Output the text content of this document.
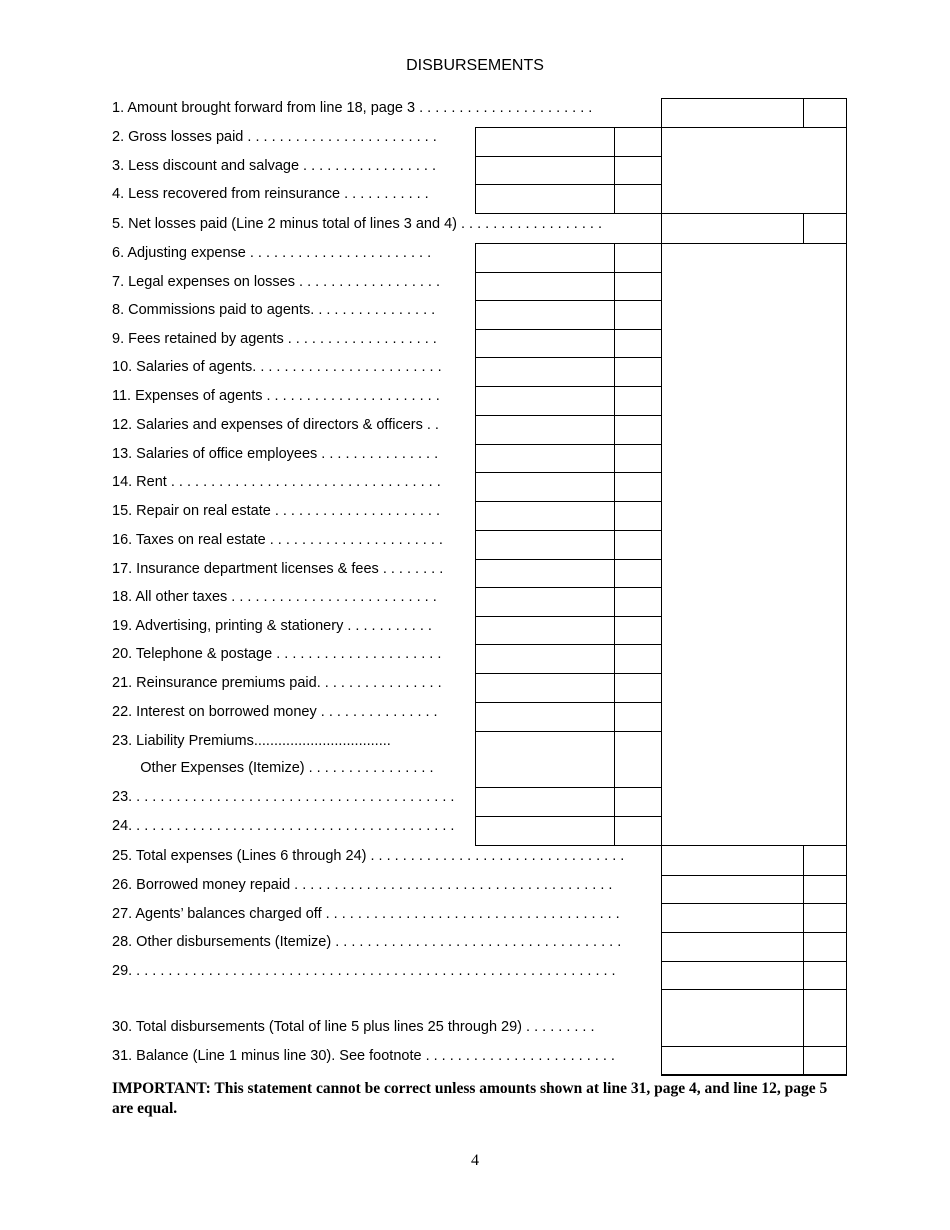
DISBURSEMENTS
1. Amount brought forward from line 18, page 3 . . . . . . . . . . . . . . . . . . . . . .
2. Gross losses paid . . . . . . . . . . . . . . . . . . . . . . . .
3. Less discount and salvage . . . . . . . . . . . . . . . . .
4. Less recovered from reinsurance . . . . . . . . . . .
5. Net losses paid (Line 2 minus total of lines 3 and 4) . . . . . . . . . . . . . . . . . .
6. Adjusting expense . . . . . . . . . . . . . . . . . . . . . . .
7. Legal expenses on losses . . . . . . . . . . . . . . . . . .
8. Commissions paid to agents. . . . . . . . . . . . . . . .
9. Fees retained by agents . . . . . . . . . . . . . . . . . . .
10. Salaries of agents. . . . . . . . . . . . . . . . . . . . . . . .
11. Expenses of agents . . . . . . . . . . . . . . . . . . . . . .
12. Salaries and expenses of directors & officers . .
13. Salaries of office employees . . . . . . . . . . . . . . .
14. Rent . . . . . . . . . . . . . . . . . . . . . . . . . . . . . . . . . .
15. Repair on real estate . . . . . . . . . . . . . . . . . . . . .
16. Taxes on real estate . . . . . . . . . . . . . . . . . . . . . .
17. Insurance department licenses & fees . . . . . . . .
18. All other taxes . . . . . . . . . . . . . . . . . . . . . . . . . .
19. Advertising, printing & stationery . . . . . . . . . . .
20. Telephone & postage . . . . . . . . . . . . . . . . . . . . .
21. Reinsurance premiums paid. . . . . . . . . . . . . . . .
22. Interest on borrowed money . . . . . . . . . . . . . . .
23. Liability Premiums..................................
Other Expenses (Itemize) . . . . . . . . . . . . . . . .
23. . . . . . . . . . . . . . . . . . . . . . . . . . . . . . . . . . . . . . . . .
24. . . . . . . . . . . . . . . . . . . . . . . . . . . . . . . . . . . . . . . . .
25. Total expenses (Lines 6 through 24) . . . . . . . . . . . . . . . . . . . . . . . . . . . . . . . .
26. Borrowed money repaid . . . . . . . . . . . . . . . . . . . . . . . . . . . . . . . . . . . . . . . .
27. Agents’ balances charged off . . . . . . . . . . . . . . . . . . . . . . . . . . . . . . . . . . . . .
28. Other disbursements (Itemize) . . . . . . . . . . . . . . . . . . . . . . . . . . . . . . . . . . . .
29. . . . . . . . . . . . . . . . . . . . . . . . . . . . . . . . . . . . . . . . . . . . . . . . . . . . . . . . . . . . .
30. Total disbursements (Total of line 5 plus lines 25 through 29) . . . . . . . . .
31. Balance (Line 1 minus line 30). See footnote . . . . . . . . . . . . . . . . . . . . . . . .
IMPORTANT: This statement cannot be correct unless amounts shown at line 31, page 4, and line 12, page 5 are equal.
4
